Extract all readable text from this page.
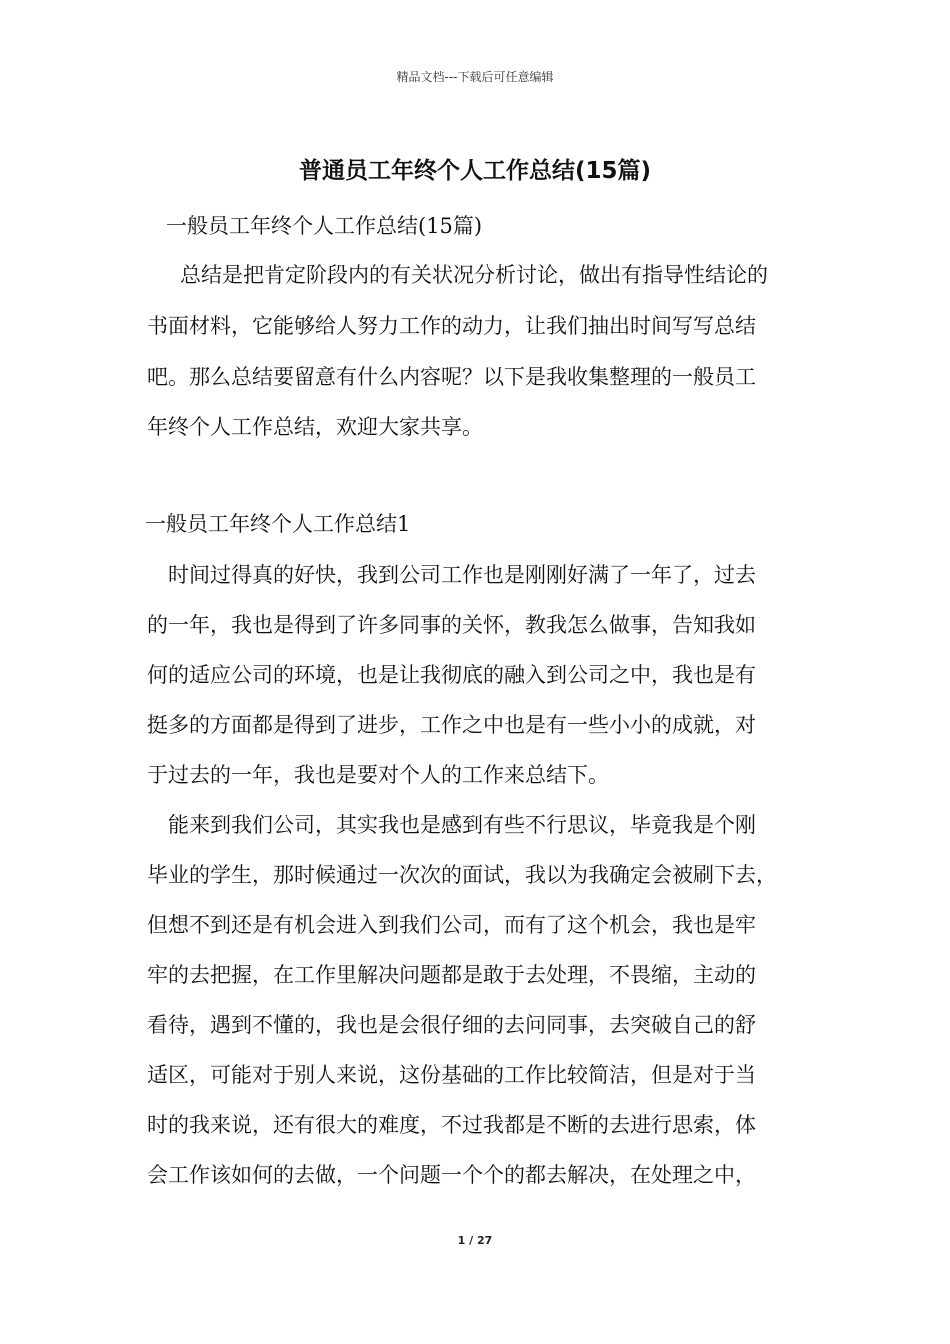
精品文档---下载后可任意编辑
普通员工年终个人工作总结(15篇)
一般员工年终个人工作总结(15篇)
总结是把肯定阶段内的有关状况分析讨论，做出有指导性结论的
书面材料，它能够给人努力工作的动力，让我们抽出时间写写总结
吧。那么总结要留意有什么内容呢？以下是我收集整理的一般员工
年终个人工作总结，欢迎大家共享。
一般员工年终个人工作总结1
时间过得真的好快，我到公司工作也是刚刚好满了一年了，过去
的一年，我也是得到了许多同事的关怀，教我怎么做事，告知我如
何的适应公司的环境，也是让我彻底的融入到公司之中，我也是有
挺多的方面都是得到了进步，工作之中也是有一些小小的成就，对
于过去的一年，我也是要对个人的工作来总结下。
能来到我们公司，其实我也是感到有些不行思议，毕竟我是个刚
毕业的学生，那时候通过一次次的面试，我以为我确定会被刷下去，
但想不到还是有机会进入到我们公司，而有了这个机会，我也是牢
牢的去把握，在工作里解决问题都是敢于去处理，不畏缩，主动的
看待，遇到不懂的，我也是会很仔细的去问同事，去突破自己的舒
适区，可能对于别人来说，这份基础的工作比较简洁，但是对于当
时的我来说，还有很大的难度，不过我都是不断的去进行思索，体
会工作该如何的去做，一个问题一个个的都去解决，在处理之中，
1 / 27
